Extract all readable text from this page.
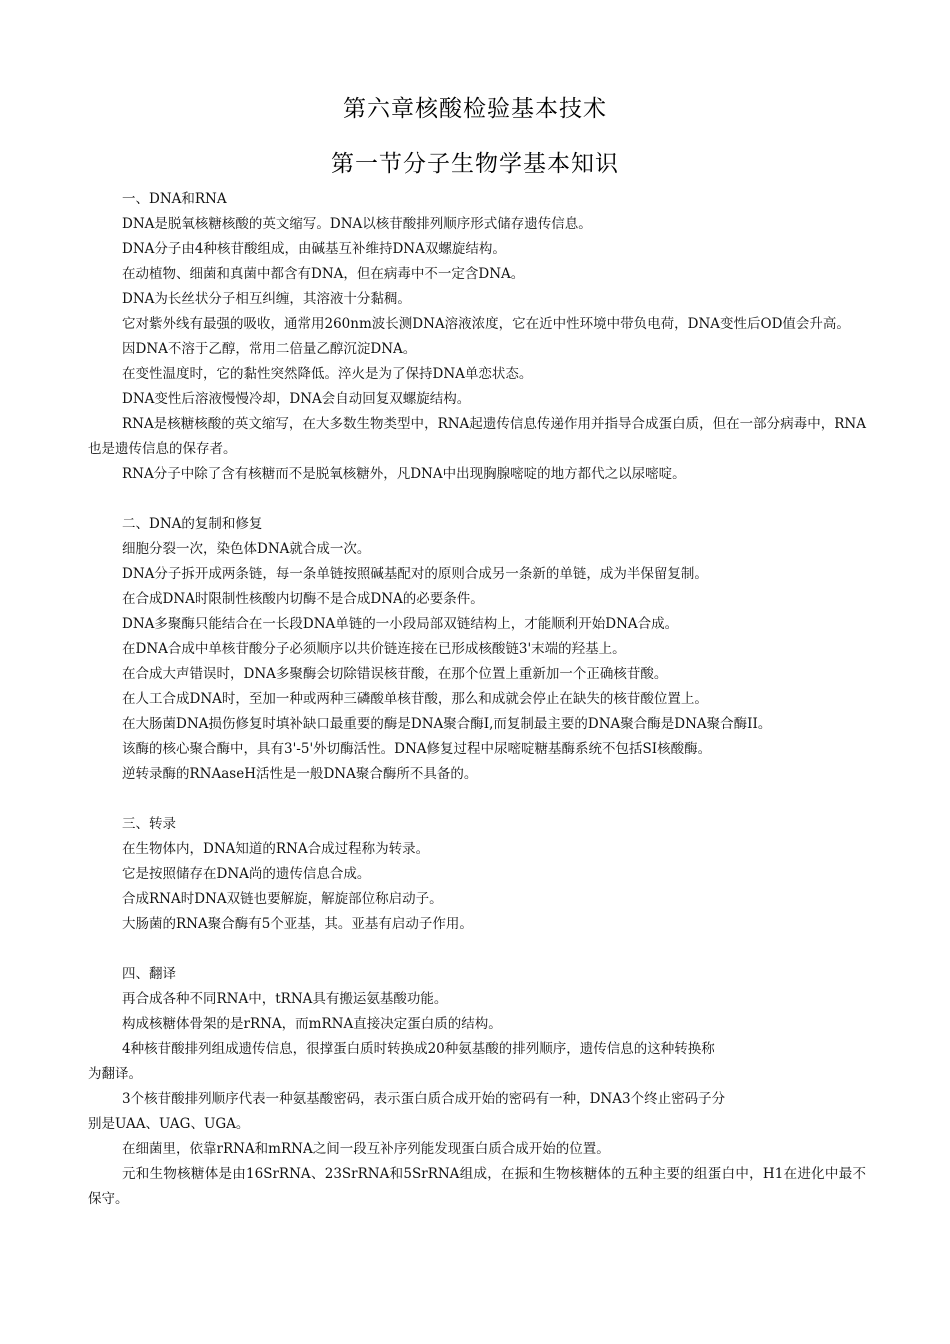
第六章核酸检验基本技术
第一节分子生物学基本知识
一、DNA和RNA

DNA是脱氧核糖核酸的英文缩写。DNA以核苷酸排列顺序形式储存遗传信息。

DNA分子由4种核苷酸组成，由碱基互补维持DNA双螺旋结构。

在动植物、细菌和真菌中都含有DNA，但在病毒中不一定含DNA。

DNA为长丝状分子相互纠缠，其溶液十分黏稠。

它对紫外线有最强的吸收，通常用260nm波长测DNA溶液浓度，它在近中性环境中带负电荷，DNA变性后OD值会升高。

因DNA不溶于乙醇，常用二倍量乙醇沉淀DNA。

在变性温度时，它的黏性突然降低。淬火是为了保持DNA单恋状态。

DNA变性后溶液慢慢冷却，DNA会自动回复双螺旋结构。

RNA是核糖核酸的英文缩写，在大多数生物类型中，RNA起遗传信息传递作用并指导合成蛋白质，但在一部分病毒中，RNA也是遗传信息的保存者。

RNA分子中除了含有核糖而不是脱氧核糖外，凡DNA中出现胸腺嘧啶的地方都代之以尿嘧啶。

二、DNA的复制和修复

细胞分裂一次，染色体DNA就合成一次。

DNA分子拆开成两条链，每一条单链按照碱基配对的原则合成另一条新的单链，成为半保留复制。

在合成DNA时限制性核酸内切酶不是合成DNA的必要条件。

DNA多聚酶只能结合在一长段DNA单链的一小段局部双链结构上，才能顺利开始DNA合成。

在DNA合成中单核苷酸分子必须顺序以共价链连接在已形成核酸链3'末端的羟基上。

在合成大声错误时，DNA多聚酶会切除错误核苷酸，在那个位置上重新加一个正确核苷酸。

在人工合成DNA时，至加一种或两种三磷酸单核苷酸，那么和成就会停止在缺失的核苷酸位置上。

在大肠菌DNA损伤修复时填补缺口最重要的酶是DNA聚合酶I,而复制最主要的DNA聚合酶是DNA聚合酶II。

该酶的核心聚合酶中，具有3'-5'外切酶活性。DNA修复过程中尿嘧啶糖基酶系统不包括SI核酸酶。

逆转录酶的RNAaseH活性是一般DNA聚合酶所不具备的。

三、转录

在生物体内，DNA知道的RNA合成过程称为转录。

它是按照储存在DNA尚的遗传信息合成。

合成RNA时DNA双链也要解旋，解旋部位称启动子。

大肠菌的RNA聚合酶有5个亚基，其。亚基有启动子作用。

四、翻译

再合成各种不同RNA中，tRNA具有搬运氨基酸功能。

构成核糖体骨架的是rRNA，而mRNA直接决定蛋白质的结构。

4种核苷酸排列组成遗传信息，很撑蛋白质时转换成20种氨基酸的排列顺序，遗传信息的这种转换称

为翻译。

3个核苷酸排列顺序代表一种氨基酸密码，表示蛋白质合成开始的密码有一种，DNA3个终止密码子分

别是UAA、UAG、UGA。

在细菌里，依靠rRNA和mRNA之间一段互补序列能发现蛋白质合成开始的位置。

元和生物核糖体是由16SrRNA、23SrRNA和5SrRNA组成，在振和生物核糖体的五种主要的组蛋白中，H1在进化中最不保守。
